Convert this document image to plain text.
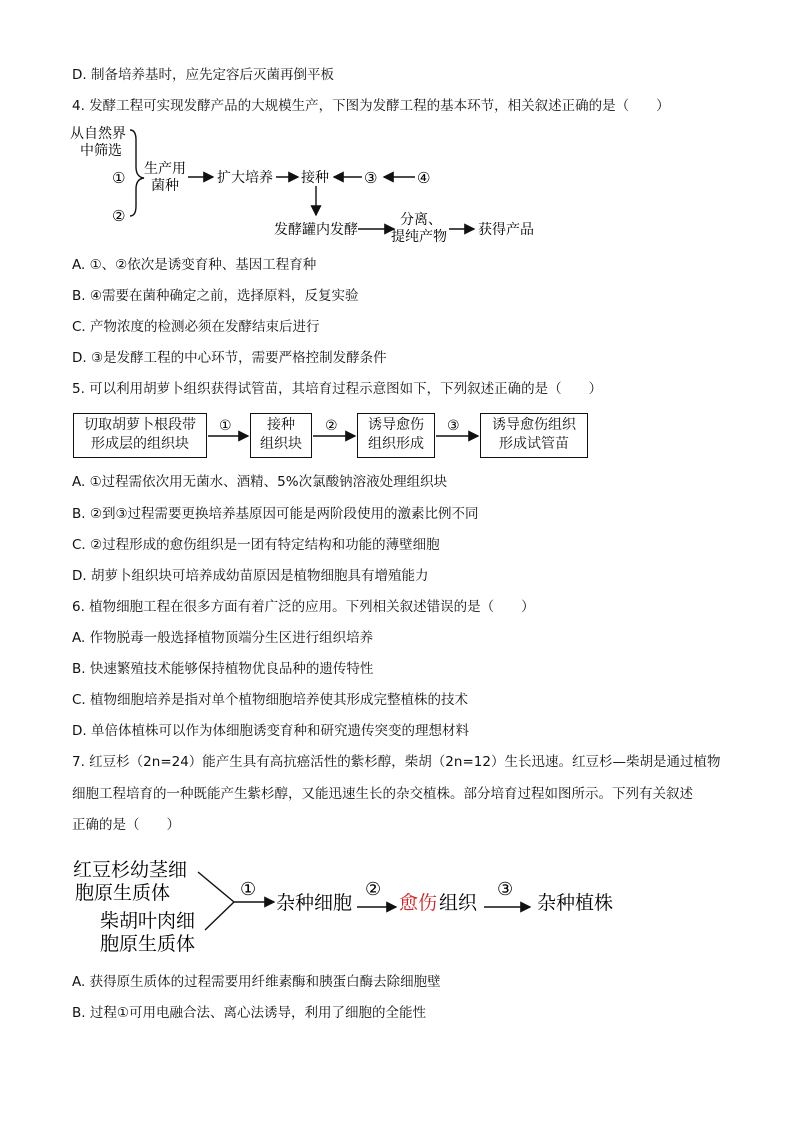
D. 制备培养基时，应先定容后灭菌再倒平板
4. 发酵工程可实现发酵产品的大规模生产，下图为发酵工程的基本环节，相关叙述正确的是（　　）
从自然界
中筛选
①
②
生产用
菌种	扩大培养 接种 ③	④
发酵罐内发酵
分离、
提纯产物 获得产品
A. ①、②依次是诱变育种、基因工程育种
B. ④需要在菌种确定之前，选择原料，反复实验
C. 产物浓度的检测必须在发酵结束后进行
D. ③是发酵工程的中心环节，需要严格控制发酵条件
5. 可以利用胡萝卜组织获得试管苗，其培育过程示意图如下，下列叙述正确的是（　　）
切取胡萝卜根段带
形成层的组织块
接种
组织块
诱导愈伤
组织形成
诱导愈伤组织
形成试管苗
①	②	③
A. ①过程需依次用无菌水、酒精、5%次氯酸钠溶液处理组织块
B. ②到③过程需要更换培养基原因可能是两阶段使用的激素比例不同
C. ②过程形成的愈伤组织是一团有特定结构和功能的薄壁细胞
D. 胡萝卜组织块可培养成幼苗原因是植物细胞具有增殖能力
6. 植物细胞工程在很多方面有着广泛的应用。下列相关叙述错误的是（　　）
A. 作物脱毒一般选择植物顶端分生区进行组织培养
B. 快速繁殖技术能够保持植物优良品种的遗传特性
C. 植物细胞培养是指对单个植物细胞培养使其形成完整植株的技术
D. 单倍体植株可以作为体细胞诱变育种和研究遗传突变的理想材料
7. 红豆杉（2n=24）能产生具有高抗癌活性的紫杉醇，柴胡（2n=12）生长迅速。红豆杉—柴胡是通过植物
细胞工程培育的一种既能产生紫杉醇，又能迅速生长的杂交植株。部分培育过程如图所示。下列有关叙述
正确的是（　　）
红豆杉幼茎细
胞原生质体
柴胡叶肉细
胞原生质体
①
杂种细胞
②
愈伤 组织
③
杂种植株
A. 获得原生质体的过程需要用纤维素酶和胰蛋白酶去除细胞壁
B. 过程①可用电融合法、离心法诱导，利用了细胞的全能性
